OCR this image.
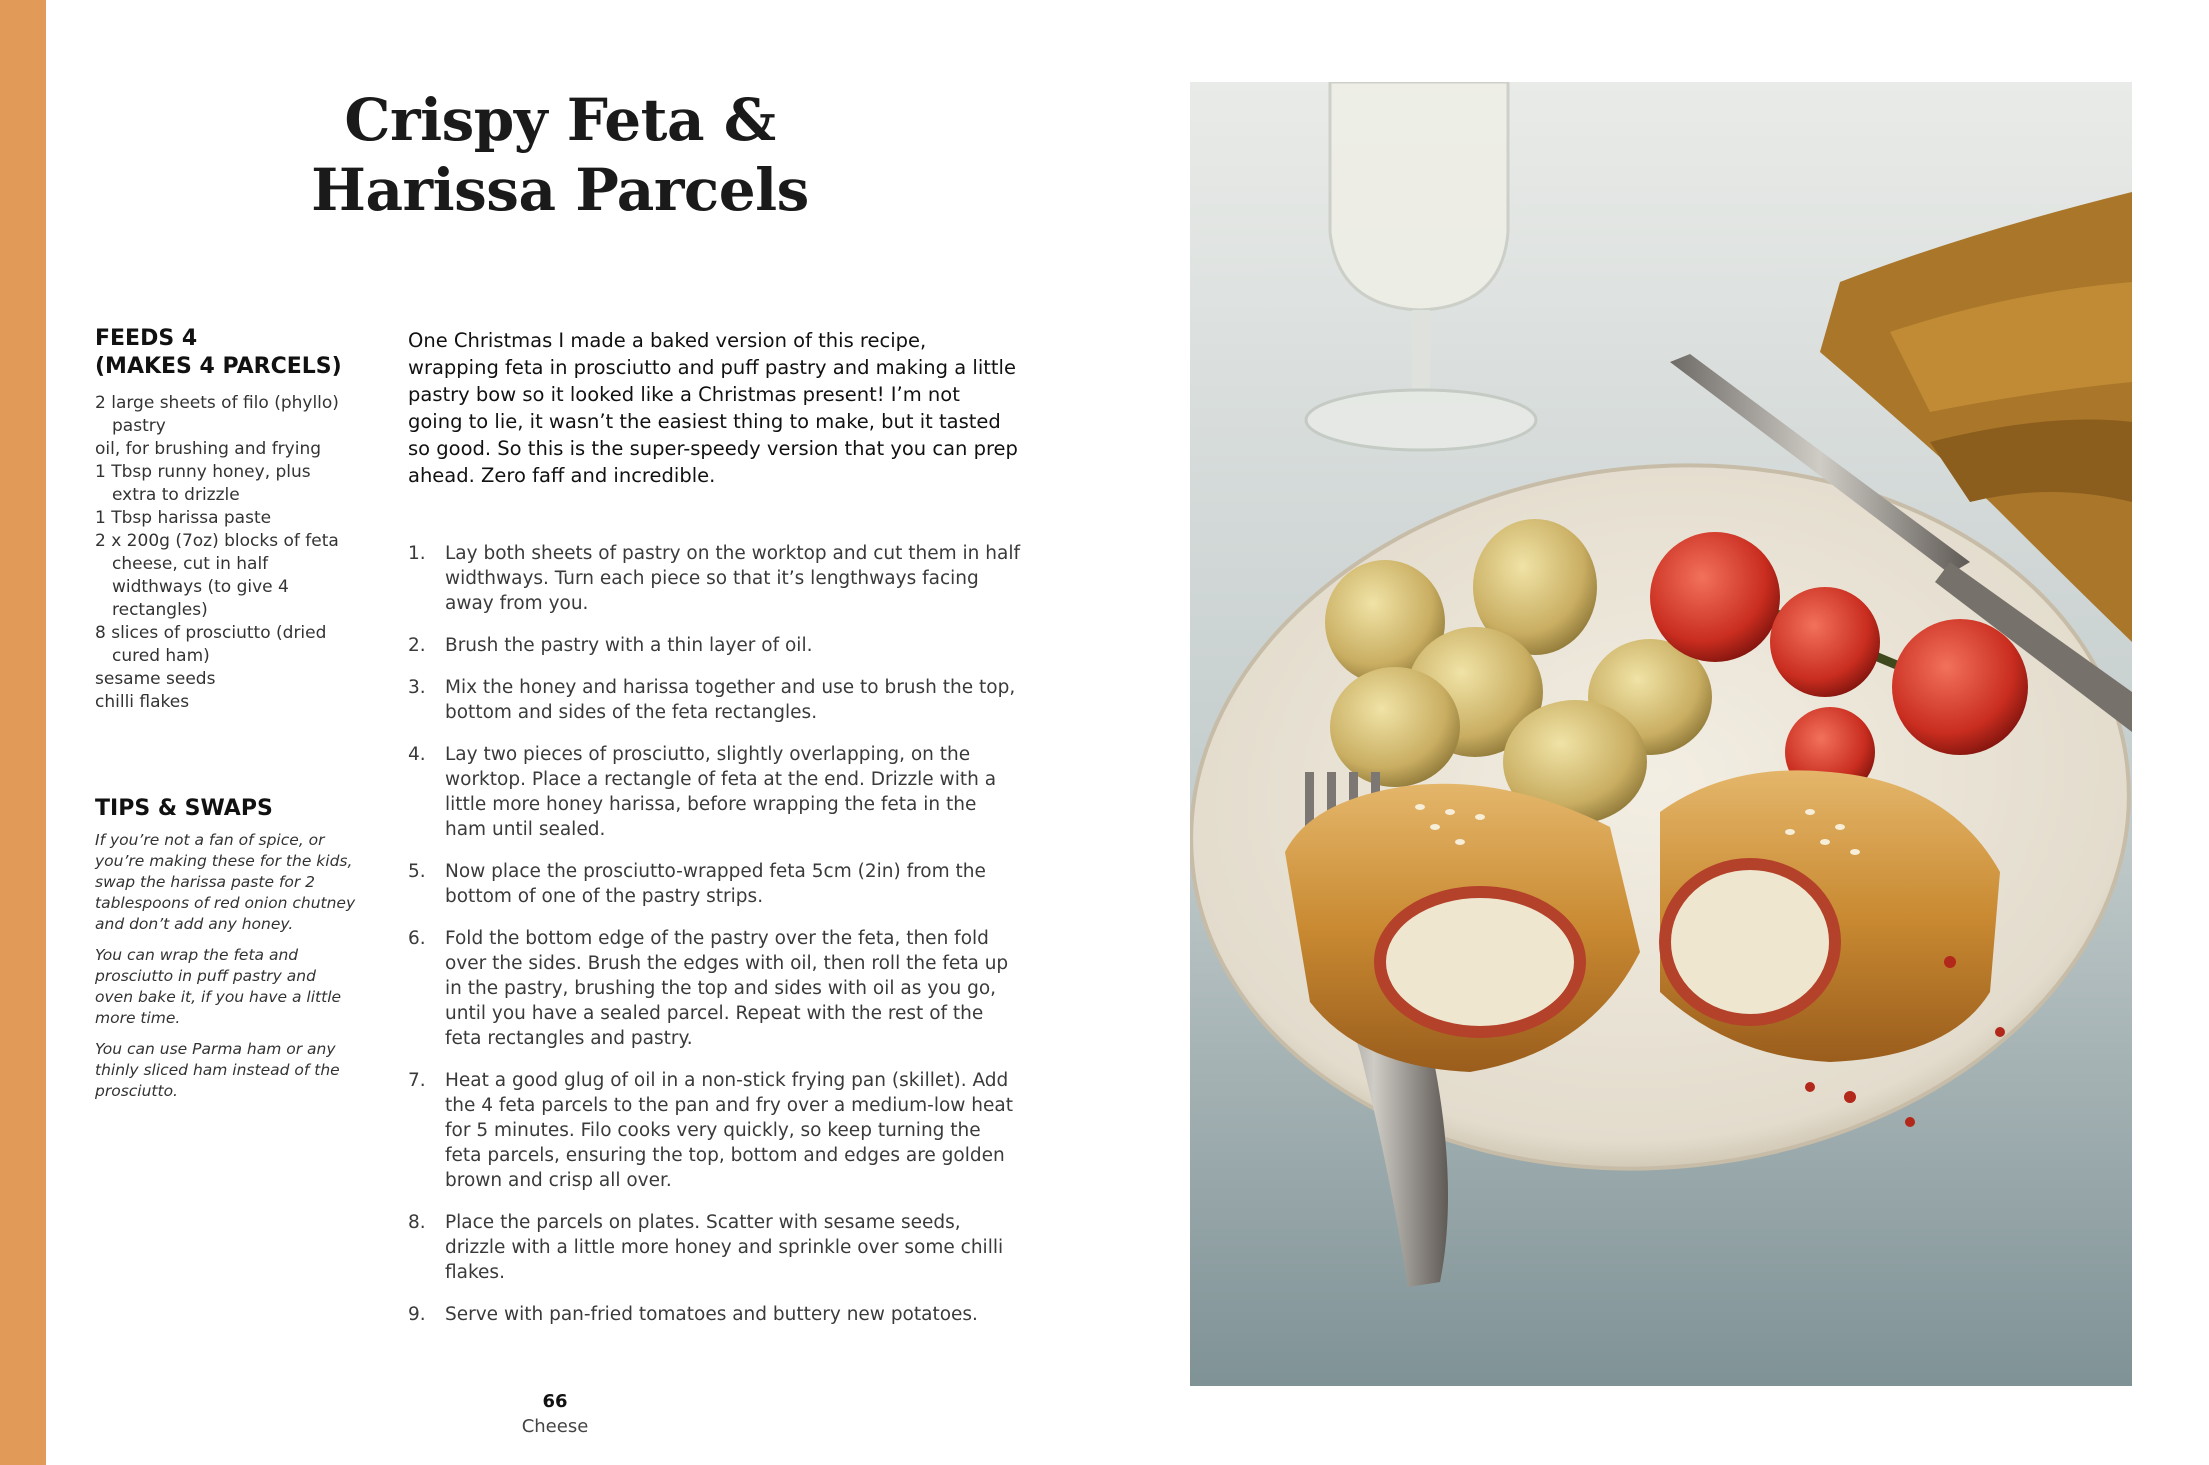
Crispy Feta &
Harissa Parcels
FEEDS 4
(MAKES 4 PARCELS)
2 large sheets of filo (phyllo) pastry
oil, for brushing and frying
1 Tbsp runny honey, plus extra to drizzle
1 Tbsp harissa paste
2 x 200g (7oz) blocks of feta cheese, cut in half widthways (to give 4 rectangles)
8 slices of prosciutto (dried cured ham)
sesame seeds
chilli flakes
TIPS & SWAPS

If you’re not a fan of spice, or you’re making these for the kids, swap the harissa paste for 2 tablespoons of red onion chutney and don’t add any honey.

You can wrap the feta and prosciutto in puff pastry and oven bake it, if you have a little more time.

You can use Parma ham or any thinly sliced ham instead of the prosciutto.

One Christmas I made a baked version of this recipe, wrapping feta in prosciutto and puff pastry and making a little pastry bow so it looked like a Christmas present! I’m not going to lie, it wasn’t the easiest thing to make, but it tasted so good. So this is the super-speedy version that you can prep ahead. Zero faff and incredible.

1. Lay both sheets of pastry on the worktop and cut them in half widthways. Turn each piece so that it’s lengthways facing away from you.
2. Brush the pastry with a thin layer of oil.
3. Mix the honey and harissa together and use to brush the top, bottom and sides of the feta rectangles.
4. Lay two pieces of prosciutto, slightly overlapping, on the worktop. Place a rectangle of feta at the end. Drizzle with a little more honey harissa, before wrapping the feta in the ham until sealed.
5. Now place the prosciutto-wrapped feta 5cm (2in) from the bottom of one of the pastry strips.
6. Fold the bottom edge of the pastry over the feta, then fold over the sides. Brush the edges with oil, then roll the feta up in the pastry, brushing the top and sides with oil as you go, until you have a sealed parcel. Repeat with the rest of the feta rectangles and pastry.
7. Heat a good glug of oil in a non-stick frying pan (skillet). Add the 4 feta parcels to the pan and fry over a medium-low heat for 5 minutes. Filo cooks very quickly, so keep turning the feta parcels, ensuring the top, bottom and edges are golden brown and crisp all over.
8. Place the parcels on plates. Scatter with sesame seeds, drizzle with a little more honey and sprinkle over some chilli flakes.
9. Serve with pan-fried tomatoes and buttery new potatoes.
66
Cheese
